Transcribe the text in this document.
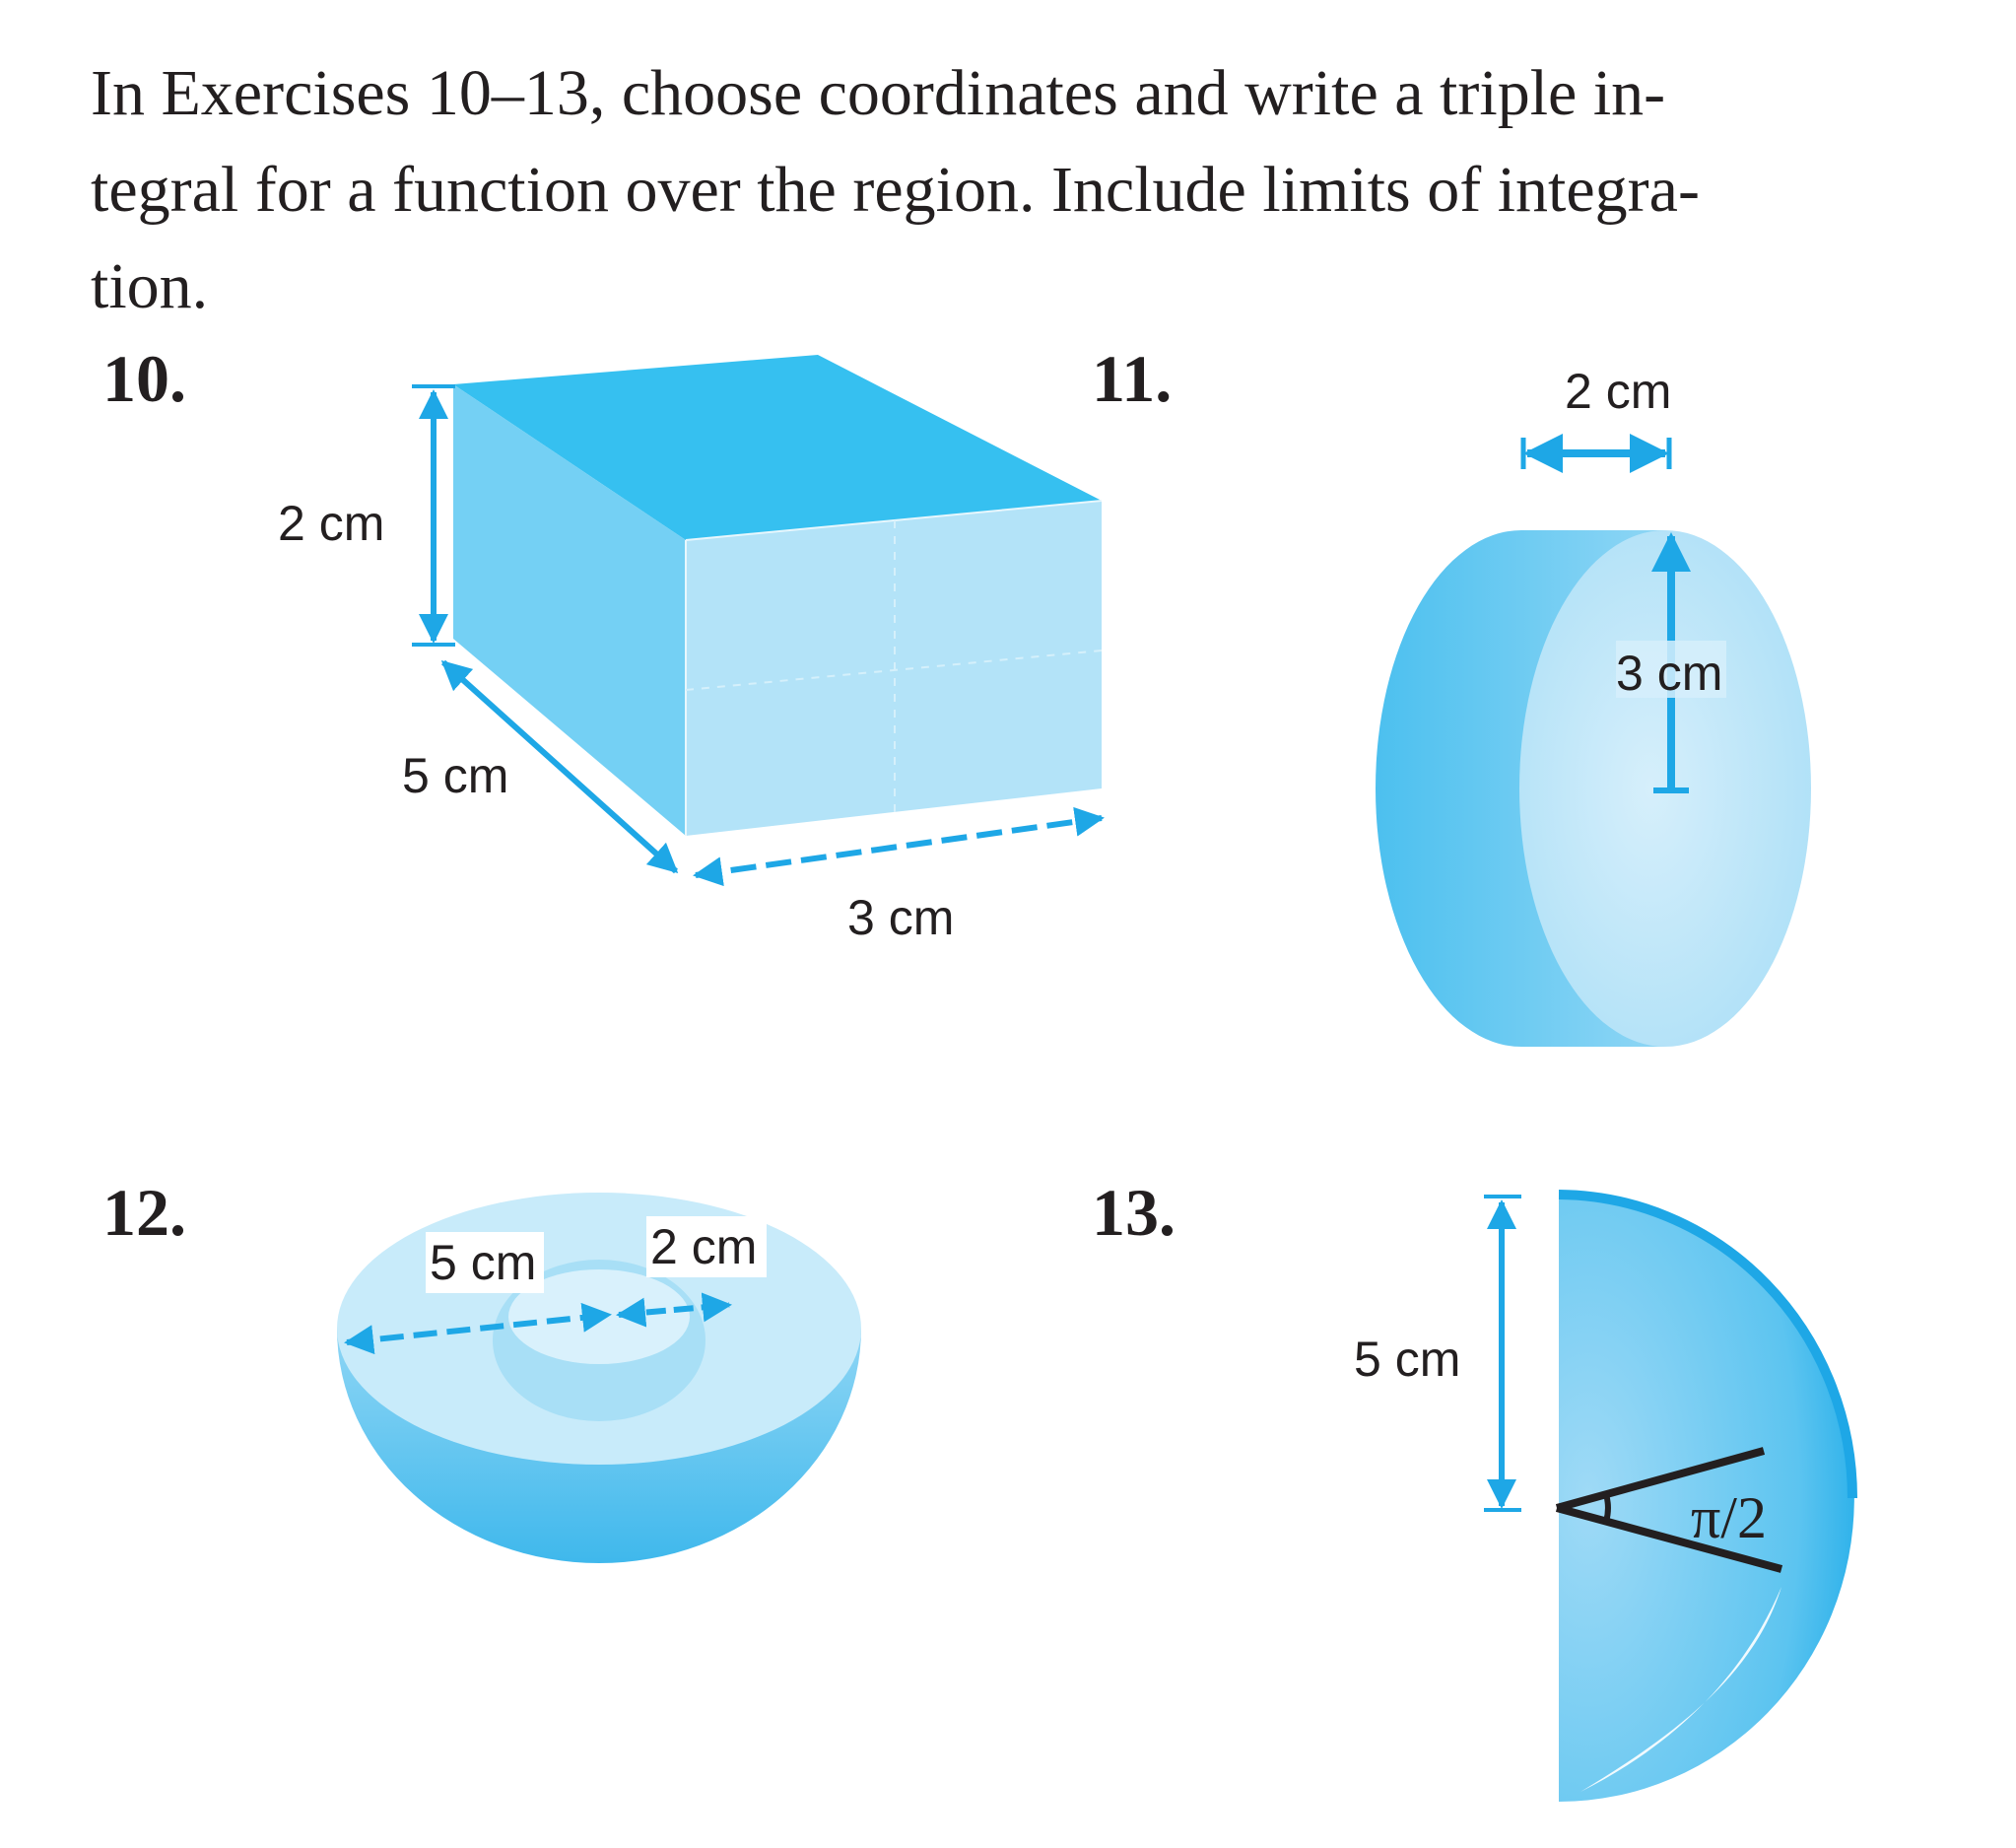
In Exercises 10–13, choose coordinates and write a triple in-
tegral for a function over the region. Include limits of integra-
tion.

10.	11.
12.	13.
2 cm
5 cm
3 cm
2 cm
3 cm
5 cm 2 cm
5 cm
π/2
